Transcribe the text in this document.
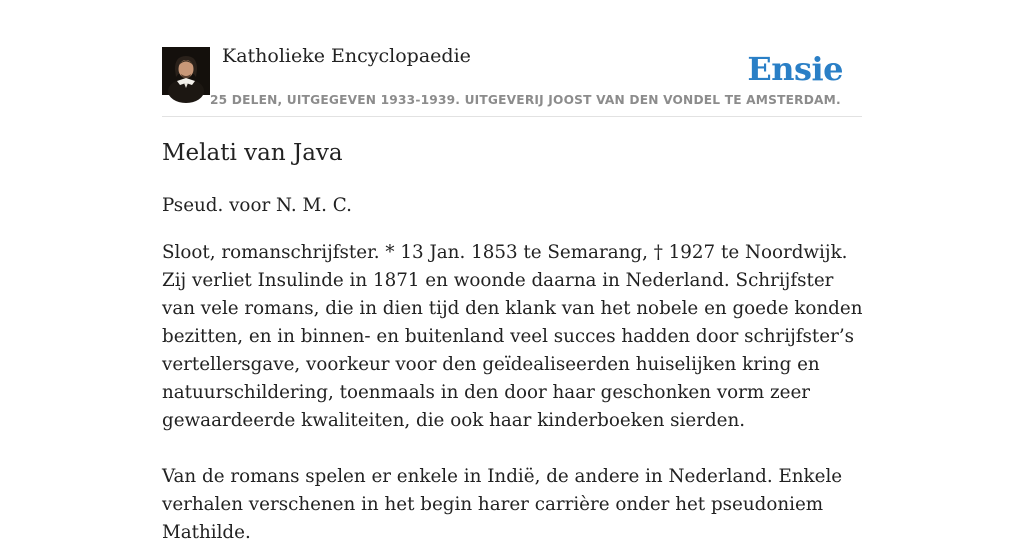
Katholieke Encyclopaedie	Ensie
25 DELEN, UITGEGEVEN 1933-1939. UITGEVERIJ JOOST VAN DEN VONDEL TE AMSTERDAM.
Melati van Java

Pseud. voor N. M. C.

Sloot, romanschrijfster. * 13 Jan. 1853 te Semarang, † 1927 te Noordwijk. Zij verliet Insulinde in 1871 en woonde daarna in Nederland. Schrijfster van vele romans, die in dien tijd den klank van het nobele en goede konden bezitten, en in binnen- en buitenland veel succes hadden door schrijfster’s vertellersgave, voorkeur voor den geïdealiseerden huiselijken kring en natuurschildering, toenmaals in den door haar geschonken vorm zeer gewaardeerde kwaliteiten, die ook haar kinderboeken sierden.

Van de romans spelen er enkele in Indië, de andere in Nederland. Enkele verhalen verschenen in het begin harer carrière onder het pseudoniem Mathilde.
